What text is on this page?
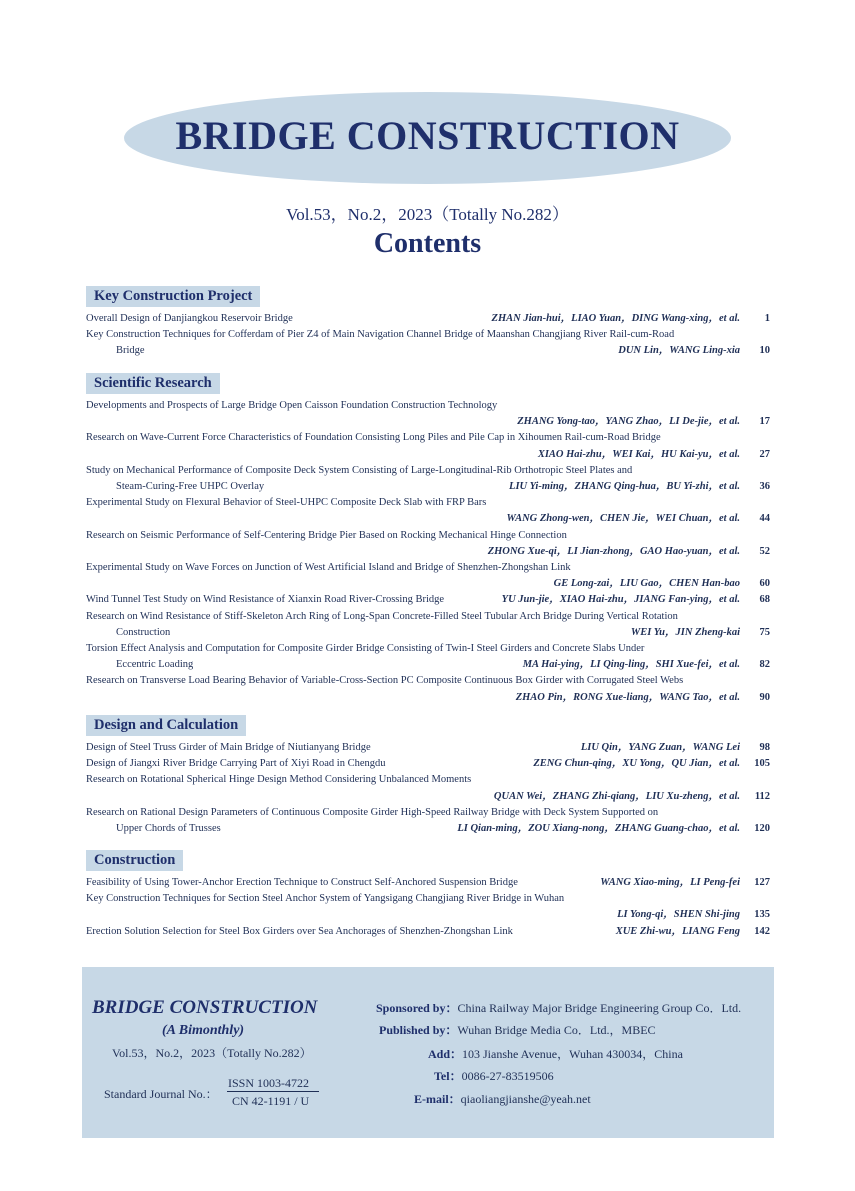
BRIDGE CONSTRUCTION
Vol.53，No.2，2023（Totally No.282）
Contents
Key Construction Project
Overall Design of Danjiangkou Reservoir Bridge	ZHAN Jian-hui，LIAO Yuan，DING Wang-xing，et al.	1
Key Construction Techniques for Cofferdam of Pier Z4 of Main Navigation Channel Bridge of Maanshan Changjiang River Rail-cum-Road
Bridge	DUN Lin，WANG Ling-xia	10
Scientific Research
Developments and Prospects of Large Bridge Open Caisson Foundation Construction Technology
ZHANG Yong-tao，YANG Zhao，LI De-jie，et al.	17
Research on Wave-Current Force Characteristics of Foundation Consisting Long Piles and Pile Cap in Xihoumen Rail-cum-Road Bridge
XIAO Hai-zhu，WEI Kai，HU Kai-yu，et al.	27
Study on Mechanical Performance of Composite Deck System Consisting of Large-Longitudinal-Rib Orthotropic Steel Plates and
Steam-Curing-Free UHPC Overlay	LIU Yi-ming，ZHANG Qing-hua，BU Yi-zhi，et al.	36
Experimental Study on Flexural Behavior of Steel-UHPC Composite Deck Slab with FRP Bars
WANG Zhong-wen，CHEN Jie，WEI Chuan，et al.	44
Research on Seismic Performance of Self-Centering Bridge Pier Based on Rocking Mechanical Hinge Connection
ZHONG Xue-qi，LI Jian-zhong，GAO Hao-yuan，et al.	52
Experimental Study on Wave Forces on Junction of West Artificial Island and Bridge of Shenzhen-Zhongshan Link
GE Long-zai，LIU Gao，CHEN Han-bao	60
Wind Tunnel Test Study on Wind Resistance of Xianxin Road River-Crossing Bridge	YU Jun-jie，XIAO Hai-zhu，JIANG Fan-ying，et al.	68
Research on Wind Resistance of Stiff-Skeleton Arch Ring of Long-Span Concrete-Filled Steel Tubular Arch Bridge During Vertical Rotation
Construction	WEI Yu，JIN Zheng-kai	75
Torsion Effect Analysis and Computation for Composite Girder Bridge Consisting of Twin-I Steel Girders and Concrete Slabs Under
Eccentric Loading	MA Hai-ying，LI Qing-ling，SHI Xue-fei，et al.	82
Research on Transverse Load Bearing Behavior of Variable-Cross-Section PC Composite Continuous Box Girder with Corrugated Steel Webs
ZHAO Pin，RONG Xue-liang，WANG Tao，et al.	90
Design and Calculation
Design of Steel Truss Girder of Main Bridge of Niutianyang Bridge	LIU Qin，YANG Zuan，WANG Lei	98
Design of Jiangxi River Bridge Carrying Part of Xiyi Road in Chengdu	ZENG Chun-qing，XU Yong，QU Jian，et al. 105
Research on Rotational Spherical Hinge Design Method Considering Unbalanced Moments
QUAN Wei，ZHANG Zhi-qiang，LIU Xu-zheng，et al. 112
Research on Rational Design Parameters of Continuous Composite Girder High-Speed Railway Bridge with Deck System Supported on
Upper Chords of Trusses	LI Qian-ming，ZOU Xiang-nong，ZHANG Guang-chao，et al. 120
Construction
Feasibility of Using Tower-Anchor Erection Technique to Construct Self-Anchored Suspension Bridge	WANG Xiao-ming，LI Peng-fei 127
Key Construction Techniques for Section Steel Anchor System of Yangsigang Changjiang River Bridge in Wuhan
LI Yong-qi，SHEN Shi-jing 135
Erection Solution Selection for Steel Box Girders over Sea Anchorages of Shenzhen-Zhongshan Link	XUE Zhi-wu，LIANG Feng 142
BRIDGE CONSTRUCTION
(A Bimonthly)
Vol.53，No.2，2023（Totally No.282）
Standard Journal No.：
ISSN 1003-4722
CN 42-1191 / U
Sponsored by：China Railway Major Bridge Engineering Group Co．Ltd.
Published by：Wuhan Bridge Media Co．Ltd.，MBEC
Add：103 Jianshe Avenue，Wuhan 430034，China
Tel：0086-27-83519506
E-mail：qiaoliangjianshe@yeah.net
